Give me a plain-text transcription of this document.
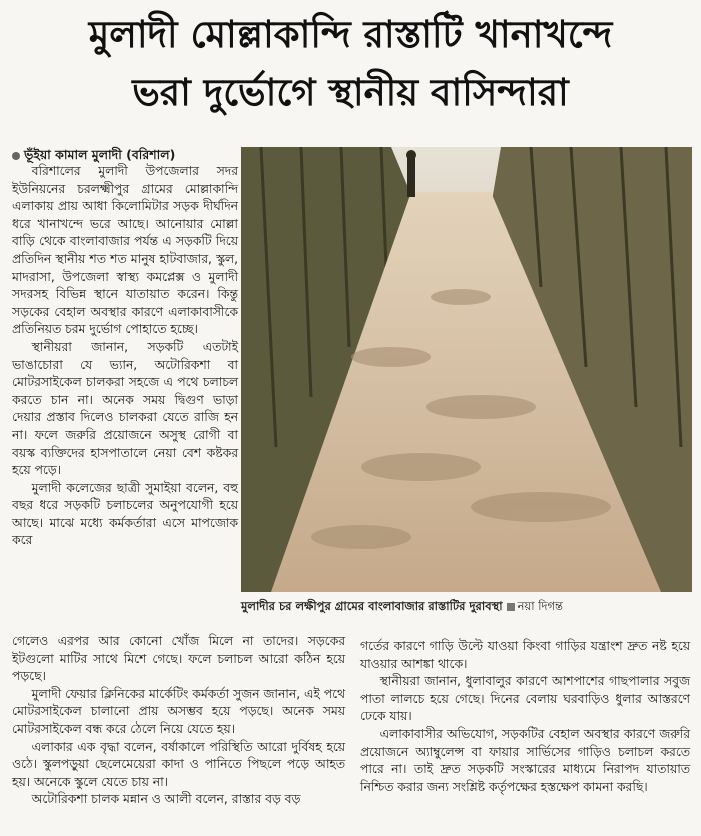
মুলাদী মোল্লাকান্দি রাস্তাটি খানাখন্দে
ভরা দুর্ভোগে স্থানীয় বাসিন্দারা
ভূঁইয়া কামাল মুলাদী (বরিশাল)

বরিশালের মুলাদী উপজেলার সদর ইউনিয়নের চরলক্ষ্মীপুর গ্রামের মোল্লাকান্দি এলাকায় প্রায় আধা কিলোমিটার সড়ক দীর্ঘদিন ধরে খানাখন্দে ভরে আছে। আনোয়ার মোল্লা বাড়ি থেকে বাংলাবাজার পর্যন্ত এ সড়কটি দিয়ে প্রতিদিন স্থানীয় শত শত মানুষ হাটবাজার, স্কুল, মাদরাসা, উপজেলা স্বাস্থ্য কমপ্লেক্স ও মুলাদী সদরসহ বিভিন্ন স্থানে যাতায়াত করেন। কিন্তু সড়কের বেহাল অবস্থার কারণে এলাকাবাসীকে প্রতিনিয়ত চরম দুর্ভোগ পোহাতে হচ্ছে।

স্থানীয়রা জানান, সড়কটি এতটাই ভাঙাচোরা যে ভ্যান, অটোরিকশা বা মোটরসাইকেল চালকরা সহজে এ পথে চলাচল করতে চান না। অনেক সময় দ্বিগুণ ভাড়া দেয়ার প্রস্তাব দিলেও চালকরা যেতে রাজি হন না। ফলে জরুরি প্রয়োজনে অসুস্থ রোগী বা বয়স্ক ব্যক্তিদের হাসপাতালে নেয়া বেশ কষ্টকর হয়ে পড়ে।

মুলাদী কলেজের ছাত্রী সুমাইয়া বলেন, বহু বছর ধরে সড়কটি চলাচলের অনুপযোগী হয়ে আছে। মাঝে মধ্যে কর্মকর্তারা এসে মাপজোক করে

মুলাদীর চর লক্ষীপুর গ্রামের বাংলাবাজার রাস্তাটির দুরাবস্থা নয়া দিগন্ত

গেলেও এরপর আর কোনো খোঁজ মিলে না তাদের। সড়কের ইটগুলো মাটির সাথে মিশে গেছে। ফলে চলাচল আরো কঠিন হয়ে পড়ছে।

মুলাদী ফেয়ার ক্লিনিকের মার্কেটিং কর্মকর্তা সুজন জানান, এই পথে মোটরসাইকেল চালানো প্রায় অসম্ভব হয়ে পড়ছে। অনেক সময় মোটরসাইকেল বন্ধ করে ঠেলে নিয়ে যেতে হয়।

এলাকার এক বৃদ্ধা বলেন, বর্ষাকালে পরিস্থিতি আরো দুর্বিষহ হয়ে ওঠে। স্কুলপড়ুয়া ছেলেমেয়েরা কাদা ও পানিতে পিছলে পড়ে আহত হয়। অনেকে স্কুলে যেতে চায় না।

অটোরিকশা চালক মন্নান ও আলী বলেন, রাস্তার বড় বড়

গর্তের কারণে গাড়ি উল্টে যাওয়া কিংবা গাড়ির যন্ত্রাংশ দ্রুত নষ্ট হয়ে যাওয়ার আশঙ্কা থাকে।

স্থানীয়রা জানান, ধুলাবালুর কারণে আশপাশের গাছপালার সবুজ পাতা লালচে হয়ে গেছে। দিনের বেলায় ঘরবাড়িও ধুলার আস্তরণে ঢেকে যায়।

এলাকাবাসীর অভিযোগ, সড়কটির বেহাল অবস্থার কারণে জরুরি প্রয়োজনে অ্যাম্বুলেন্স বা ফায়ার সার্ভিসের গাড়িও চলাচল করতে পারে না। তাই দ্রুত সড়কটি সংস্কারের মাধ্যমে নিরাপদ যাতায়াত নিশ্চিত করার জন্য সংশ্লিষ্ট কর্তৃপক্ষের হস্তক্ষেপ কামনা করছি।
